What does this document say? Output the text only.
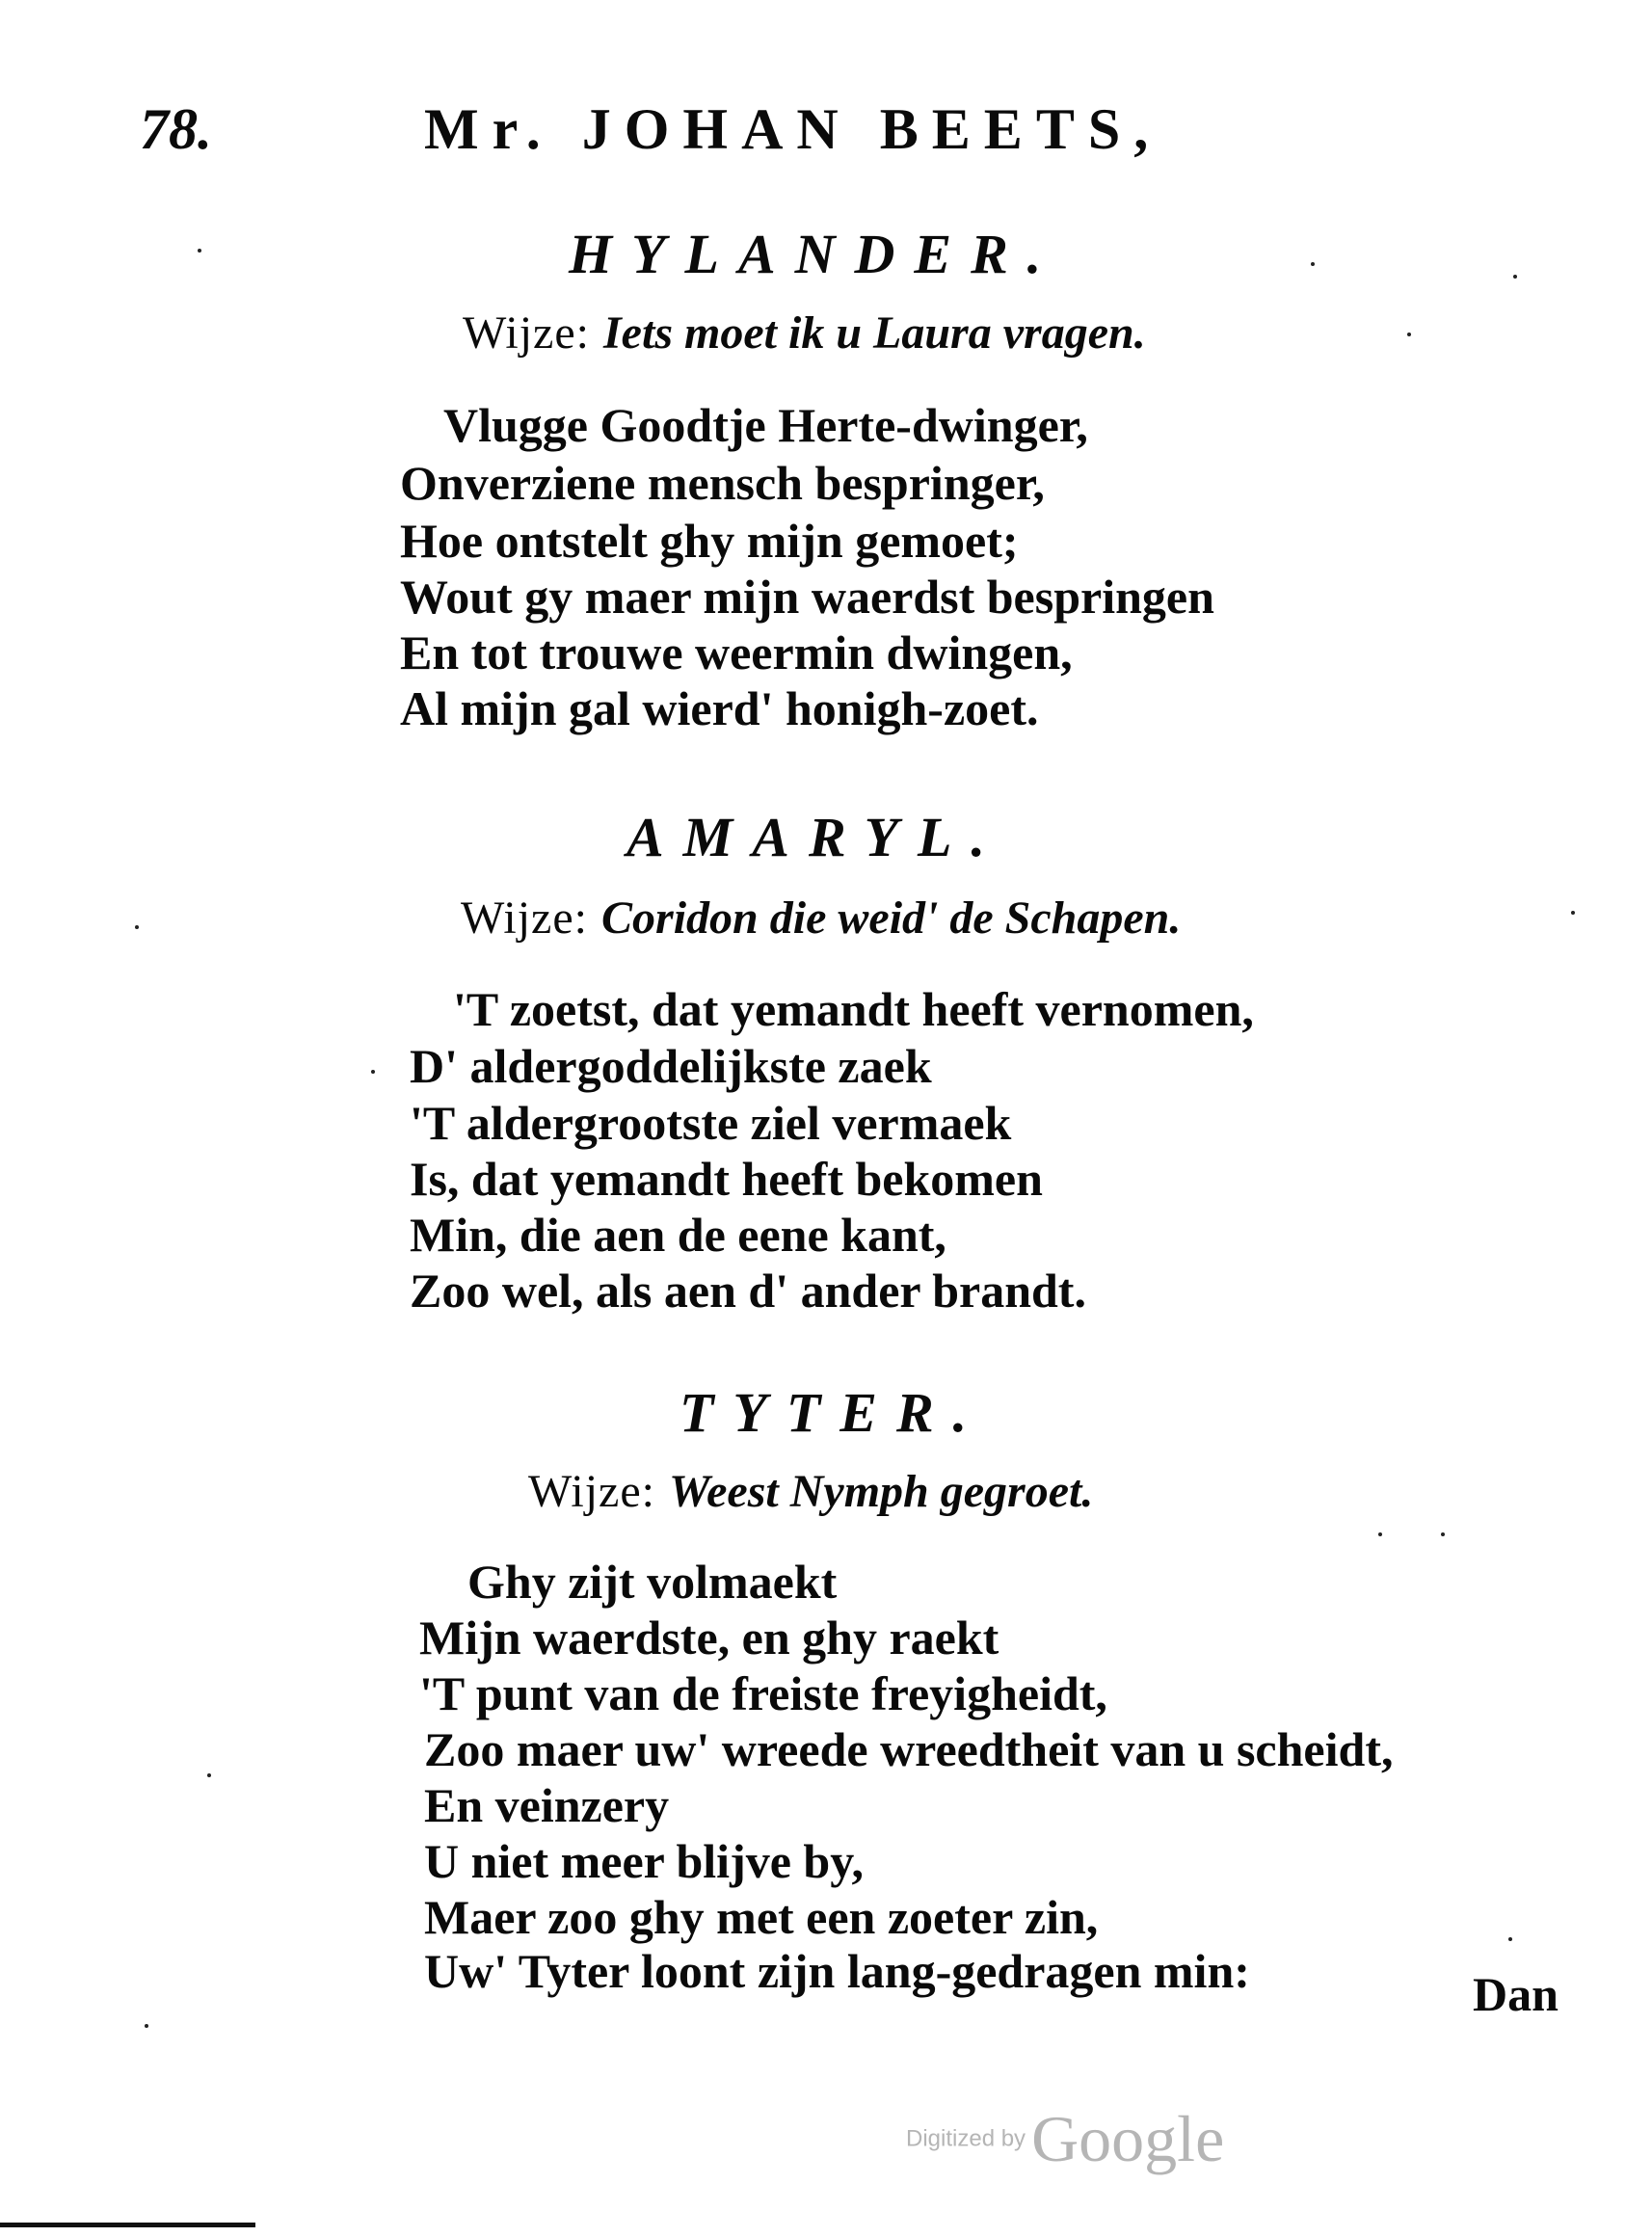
78.	Mr. JOHAN BEETS,
HYLANDER.
Wijze: Iets moet ik u Laura vragen.
Vlugge Goodtje Herte-dwinger,
Onverziene mensch bespringer,
Hoe ontstelt ghy mijn gemoet;
Wout gy maer mijn waerdst bespringen
En tot trouwe weermin dwingen,
Al mijn gal wierd' honigh-zoet.
AMARYL.
Wijze: Coridon die weid' de Schapen.
'T zoetst, dat yemandt heeft vernomen,
D' aldergoddelijkste zaek
'T aldergrootste ziel vermaek
Is, dat yemandt heeft bekomen
Min, die aen de eene kant,
Zoo wel, als aen d' ander brandt.
TYTER.
Wijze: Weest Nymph gegroet.
Ghy zijt volmaekt
Mijn waerdste, en ghy raekt
'T punt van de freiste freyigheidt,
Zoo maer uw' wreede wreedtheit van u scheidt,
En veinzery
U niet meer blijve by,
Maer zoo ghy met een zoeter zin,
Uw' Tyter loont zijn lang-gedragen min:	Dan
Digitized byGoogle
